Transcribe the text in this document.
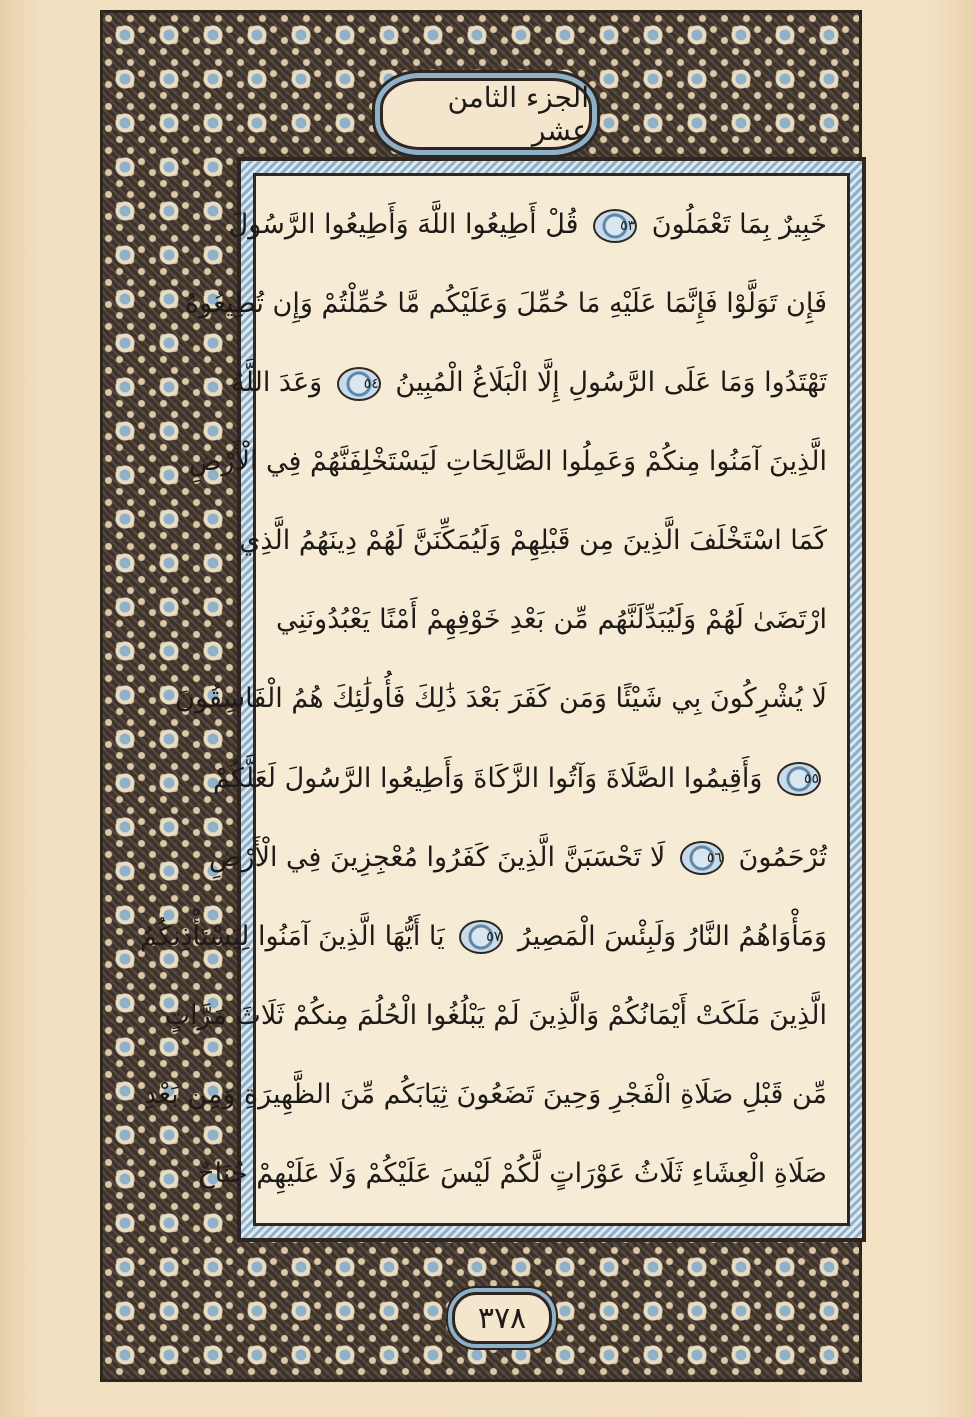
الجزء الثامن عشر
خَبِيرٌ بِمَا تَعْمَلُونَ ٥٣ قُلْ أَطِيعُوا اللَّهَ وَأَطِيعُوا الرَّسُولَ
فَإِن تَوَلَّوْا فَإِنَّمَا عَلَيْهِ مَا حُمِّلَ وَعَلَيْكُم مَّا حُمِّلْتُمْ وَإِن تُطِيعُوهُ
تَهْتَدُوا وَمَا عَلَى الرَّسُولِ إِلَّا الْبَلَاغُ الْمُبِينُ ٥٤ وَعَدَ اللَّهُ
الَّذِينَ آمَنُوا مِنكُمْ وَعَمِلُوا الصَّالِحَاتِ لَيَسْتَخْلِفَنَّهُمْ فِي الْأَرْضِ
كَمَا اسْتَخْلَفَ الَّذِينَ مِن قَبْلِهِمْ وَلَيُمَكِّنَنَّ لَهُمْ دِينَهُمُ الَّذِي
ارْتَضَىٰ لَهُمْ وَلَيُبَدِّلَنَّهُم مِّن بَعْدِ خَوْفِهِمْ أَمْنًا يَعْبُدُونَنِي
لَا يُشْرِكُونَ بِي شَيْئًا وَمَن كَفَرَ بَعْدَ ذَٰلِكَ فَأُولَٰئِكَ هُمُ الْفَاسِقُونَ
٥٥ وَأَقِيمُوا الصَّلَاةَ وَآتُوا الزَّكَاةَ وَأَطِيعُوا الرَّسُولَ لَعَلَّكُمْ
تُرْحَمُونَ ٥٦ لَا تَحْسَبَنَّ الَّذِينَ كَفَرُوا مُعْجِزِينَ فِي الْأَرْضِ
وَمَأْوَاهُمُ النَّارُ وَلَبِئْسَ الْمَصِيرُ ٥٧ يَا أَيُّهَا الَّذِينَ آمَنُوا لِيَسْتَأْذِنكُمُ
الَّذِينَ مَلَكَتْ أَيْمَانُكُمْ وَالَّذِينَ لَمْ يَبْلُغُوا الْحُلُمَ مِنكُمْ ثَلَاثَ مَرَّاتٍ
مِّن قَبْلِ صَلَاةِ الْفَجْرِ وَحِينَ تَضَعُونَ ثِيَابَكُم مِّنَ الظَّهِيرَةِ وَمِن بَعْدِ
صَلَاةِ الْعِشَاءِ ثَلَاثُ عَوْرَاتٍ لَّكُمْ لَيْسَ عَلَيْكُمْ وَلَا عَلَيْهِمْ جُنَاحٌ
٣٧٨
